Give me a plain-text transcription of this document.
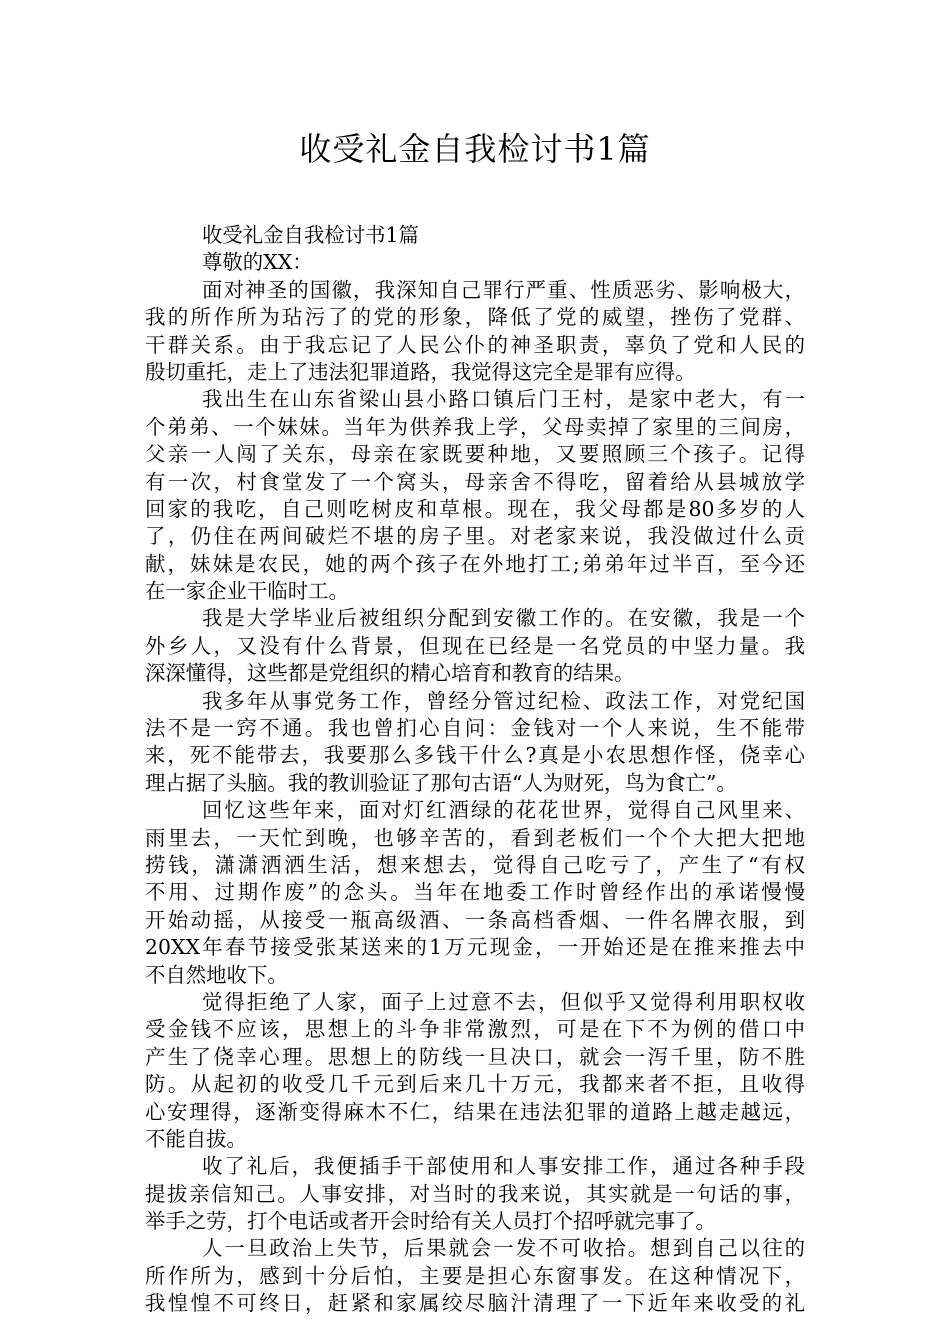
收受礼金自我检讨书1篇
收受礼金自我检讨书1篇
尊敬的XX：
面对神圣的国徽，我深知自己罪行严重、性质恶劣、影响极大，
我的所作所为玷污了的党的形象，降低了党的威望，挫伤了党群、
干群关系。由于我忘记了人民公仆的神圣职责，辜负了党和人民的
殷切重托，走上了违法犯罪道路，我觉得这完全是罪有应得。
我出生在山东省梁山县小路口镇后门王村，是家中老大，有一
个弟弟、一个妹妹。当年为供养我上学，父母卖掉了家里的三间房，
父亲一人闯了关东，母亲在家既要种地，又要照顾三个孩子。记得
有一次，村食堂发了一个窝头，母亲舍不得吃，留着给从县城放学
回家的我吃，自己则吃树皮和草根。现在，我父母都是80多岁的人
了，仍住在两间破烂不堪的房子里。对老家来说，我没做过什么贡
献，妹妹是农民，她的两个孩子在外地打工;弟弟年过半百，至今还
在一家企业干临时工。
我是大学毕业后被组织分配到安徽工作的。在安徽，我是一个
外乡人，又没有什么背景，但现在已经是一名党员的中坚力量。我
深深懂得，这些都是党组织的精心培育和教育的结果。
我多年从事党务工作，曾经分管过纪检、政法工作，对党纪国
法不是一窍不通。我也曾扪心自问：金钱对一个人来说，生不能带
来，死不能带去，我要那么多钱干什么?真是小农思想作怪，侥幸心
理占据了头脑。我的教训验证了那句古语“人为财死，鸟为食亡”。
回忆这些年来，面对灯红酒绿的花花世界，觉得自己风里来、
雨里去，一天忙到晚，也够辛苦的，看到老板们一个个大把大把地
捞钱，潇潇洒洒生活，想来想去，觉得自己吃亏了，产生了“有权
不用、过期作废”的念头。当年在地委工作时曾经作出的承诺慢慢
开始动摇，从接受一瓶高级酒、一条高档香烟、一件名牌衣服，到
20XX年春节接受张某送来的1万元现金，一开始还是在推来推去中
不自然地收下。
觉得拒绝了人家，面子上过意不去，但似乎又觉得利用职权收
受金钱不应该，思想上的斗争非常激烈，可是在下不为例的借口中
产生了侥幸心理。思想上的防线一旦决口，就会一泻千里，防不胜
防。从起初的收受几千元到后来几十万元，我都来者不拒，且收得
心安理得，逐渐变得麻木不仁，结果在违法犯罪的道路上越走越远，
不能自拔。
收了礼后，我便插手干部使用和人事安排工作，通过各种手段
提拔亲信知己。人事安排，对当时的我来说，其实就是一句话的事，
举手之劳，打个电话或者开会时给有关人员打个招呼就完事了。
人一旦政治上失节，后果就会一发不可收拾。想到自己以往的
所作所为，感到十分后怕，主要是担心东窗事发。在这种情况下，
我惶惶不可终日，赶紧和家属绞尽脑汁清理了一下近年来收受的礼
